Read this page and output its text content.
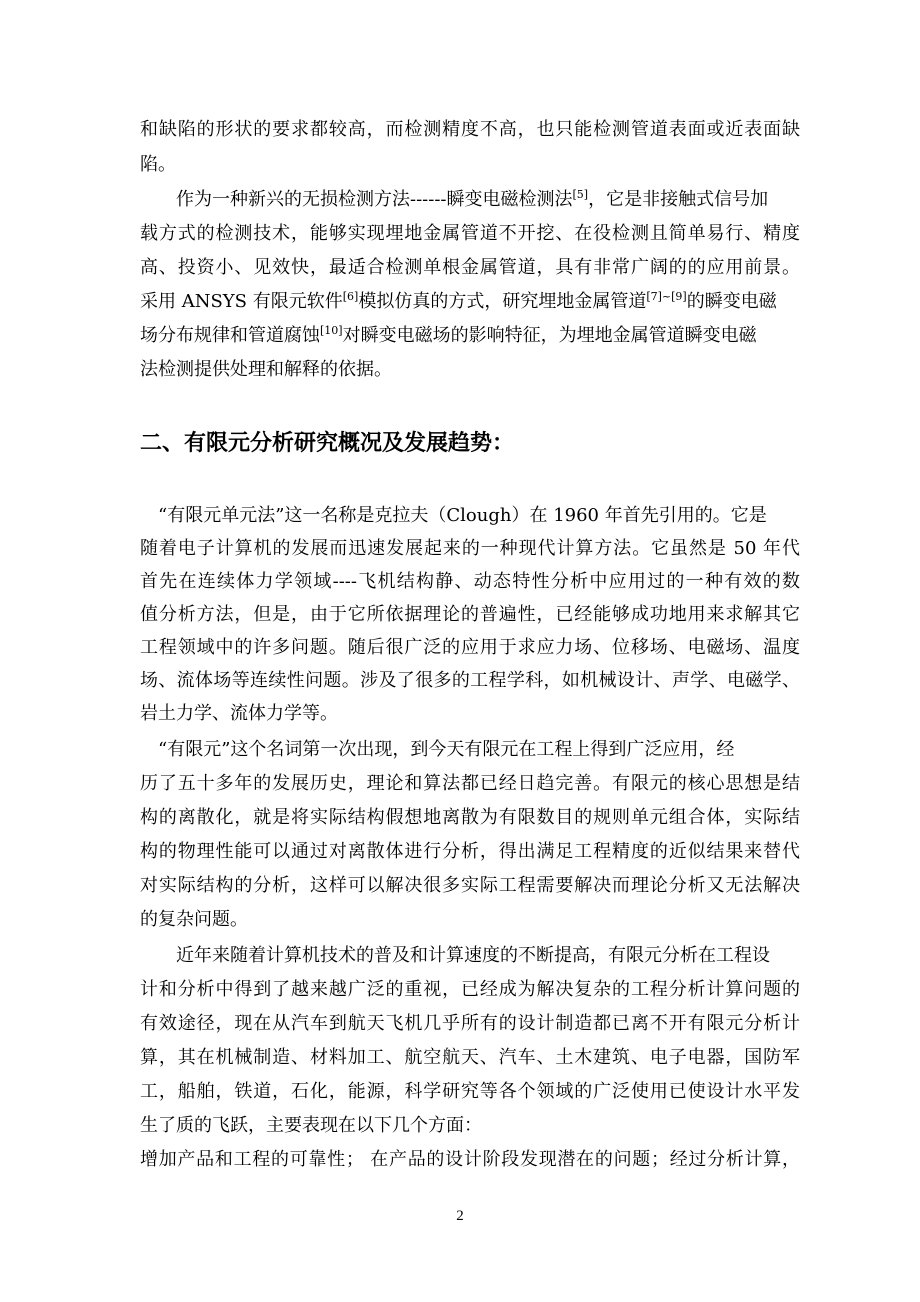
和缺陷的形状的要求都较高，而检测精度不高，也只能检测管道表面或近表面缺
陷。
作为一种新兴的无损检测方法------瞬变电磁检测法[5]，它是非接触式信号加
载方式的检测技术，能够实现埋地金属管道不开挖、在役检测且简单易行、精度
高、投资小、见效快，最适合检测单根金属管道，具有非常广阔的的应用前景。
采用 ANSYS 有限元软件[6]模拟仿真的方式，研究埋地金属管道[7]~[9]的瞬变电磁
场分布规律和管道腐蚀[10]对瞬变电磁场的影响特征，为埋地金属管道瞬变电磁
法检测提供处理和解释的依据。
二、有限元分析研究概况及发展趋势：
“有限元单元法”这一名称是克拉夫（Clough）在 1960 年首先引用的。它是
随着电子计算机的发展而迅速发展起来的一种现代计算方法。它虽然是 50 年代
首先在连续体力学领域----飞机结构静、动态特性分析中应用过的一种有效的数
值分析方法，但是，由于它所依据理论的普遍性，已经能够成功地用来求解其它
工程领域中的许多问题。随后很广泛的应用于求应力场、位移场、电磁场、温度
场、流体场等连续性问题。涉及了很多的工程学科，如机械设计、声学、电磁学、
岩土力学、流体力学等。
“有限元”这个名词第一次出现，到今天有限元在工程上得到广泛应用，经
历了五十多年的发展历史，理论和算法都已经日趋完善。有限元的核心思想是结
构的离散化，就是将实际结构假想地离散为有限数目的规则单元组合体，实际结
构的物理性能可以通过对离散体进行分析，得出满足工程精度的近似结果来替代
对实际结构的分析，这样可以解决很多实际工程需要解决而理论分析又无法解决
的复杂问题。
近年来随着计算机技术的普及和计算速度的不断提高，有限元分析在工程设
计和分析中得到了越来越广泛的重视，已经成为解决复杂的工程分析计算问题的
有效途径，现在从汽车到航天飞机几乎所有的设计制造都已离不开有限元分析计
算，其在机械制造、材料加工、航空航天、汽车、土木建筑、电子电器，国防军
工，船舶，铁道，石化，能源，科学研究等各个领域的广泛使用已使设计水平发
生了质的飞跃，主要表现在以下几个方面：
增加产品和工程的可靠性； 在产品的设计阶段发现潜在的问题；经过分析计算，
2
